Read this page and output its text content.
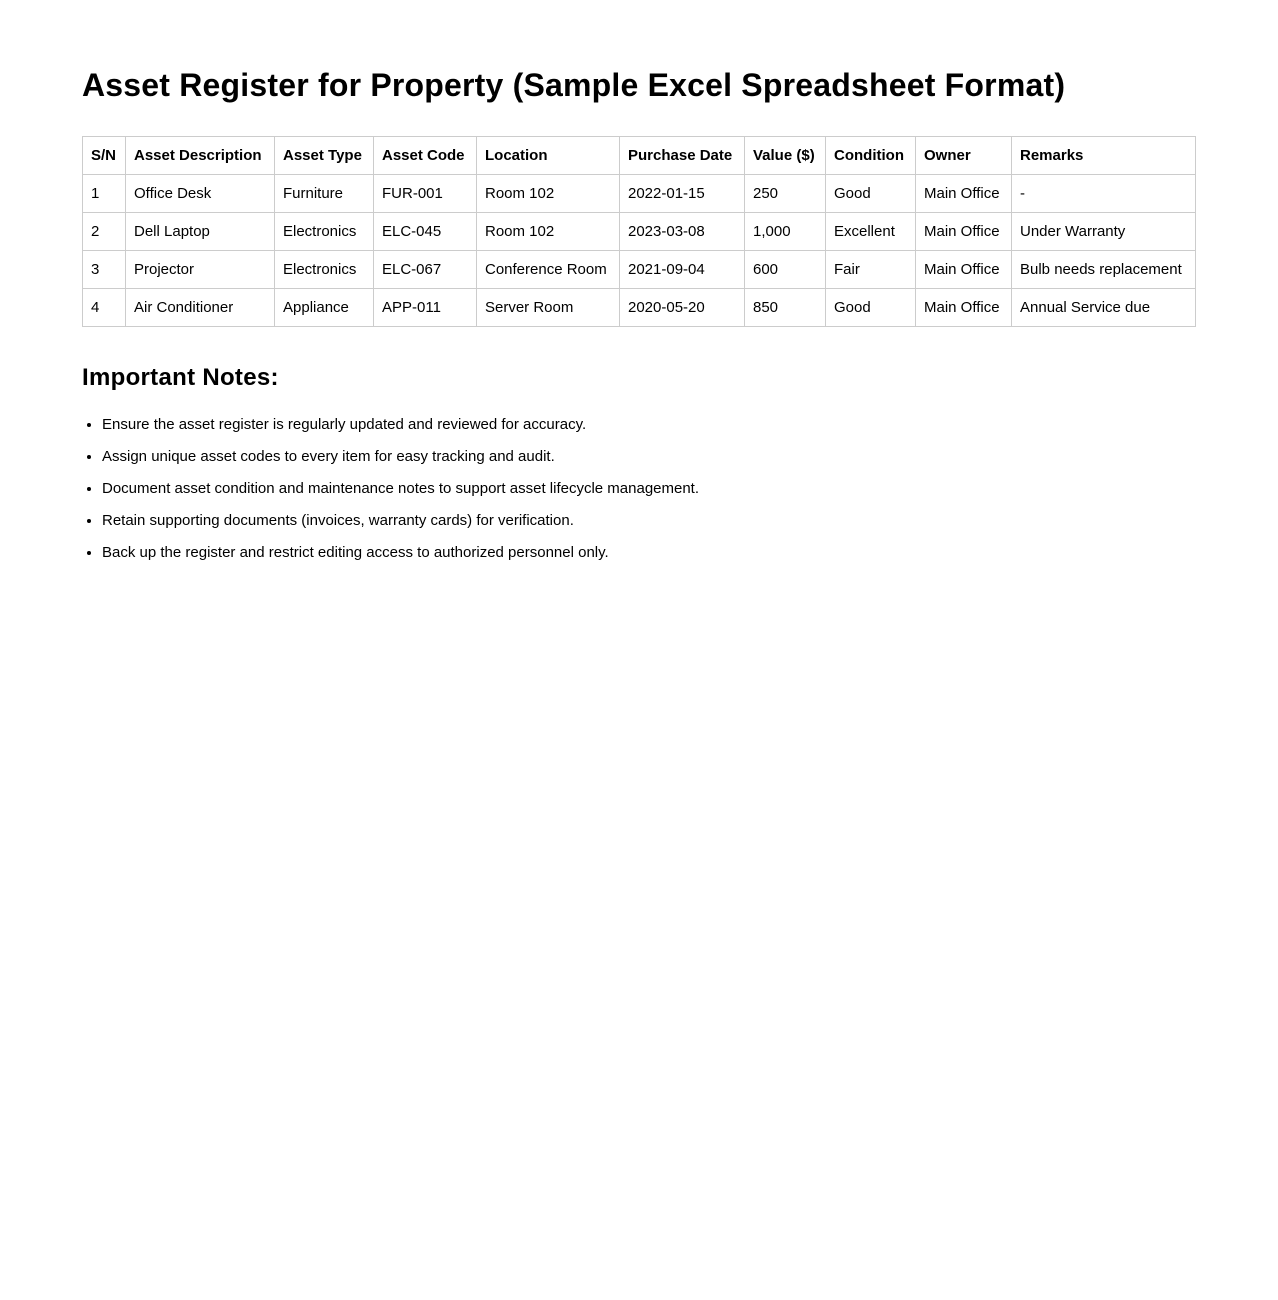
Asset Register for Property (Sample Excel Spreadsheet Format)
S/N	Asset Description	Asset Type	Asset Code	Location	Purchase Date	Value ($)	Condition	Owner	Remarks
1	Office Desk	Furniture	FUR-001	Room 102	2022-01-15	250	Good	Main Office	-
2	Dell Laptop	Electronics	ELC-045	Room 102	2023-03-08	1,000	Excellent	Main Office	Under Warranty
3	Projector	Electronics	ELC-067	Conference Room	2021-09-04	600	Fair	Main Office	Bulb needs replacement
4	Air Conditioner	Appliance	APP-011	Server Room	2020-05-20	850	Good	Main Office	Annual Service due
Important Notes:
• Ensure the asset register is regularly updated and reviewed for accuracy.
• Assign unique asset codes to every item for easy tracking and audit.
• Document asset condition and maintenance notes to support asset lifecycle management.
• Retain supporting documents (invoices, warranty cards) for verification.
• Back up the register and restrict editing access to authorized personnel only.
